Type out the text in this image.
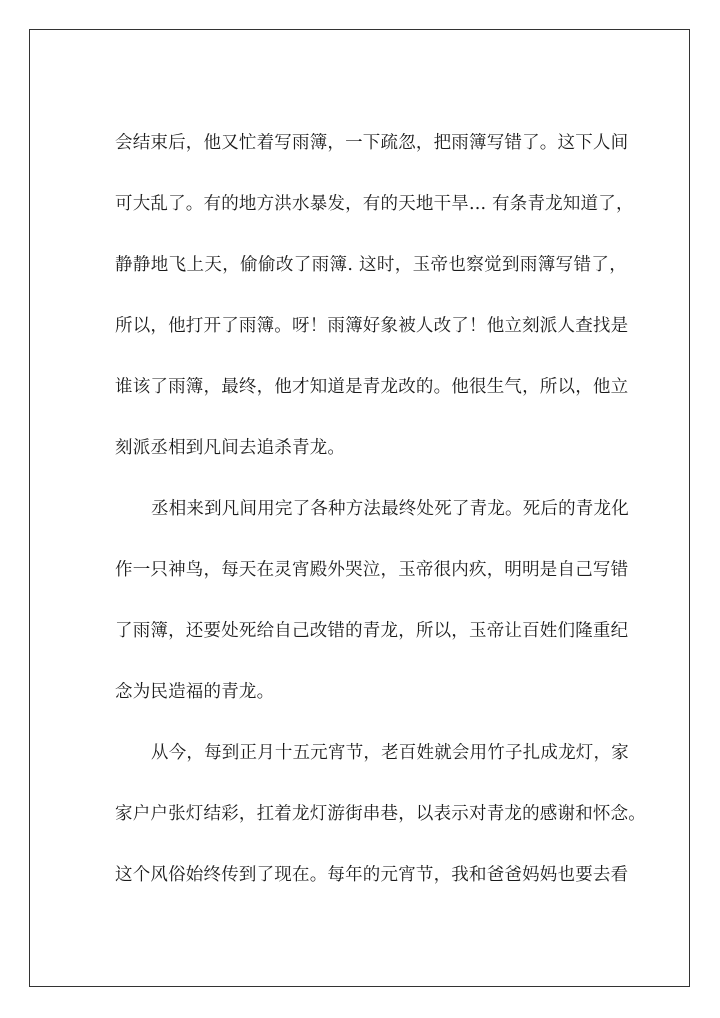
会结束后，他又忙着写雨簿，一下疏忽，把雨簿写错了。这下人间
可大乱了。有的地方洪水暴发，有的天地干旱... 有条青龙知道了，
静静地飞上天，偷偷改了雨簿. 这时，玉帝也察觉到雨簿写错了，
所以，他打开了雨簿。呀！雨簿好象被人改了！他立刻派人查找是
谁该了雨簿，最终，他才知道是青龙改的。他很生气，所以，他立
刻派丞相到凡间去追杀青龙。
丞相来到凡间用完了各种方法最终处死了青龙。死后的青龙化
作一只神鸟，每天在灵宵殿外哭泣，玉帝很内疚，明明是自己写错
了雨簿，还要处死给自己改错的青龙，所以，玉帝让百姓们隆重纪
念为民造福的青龙。
从今，每到正月十五元宵节，老百姓就会用竹子扎成龙灯，家
家户户张灯结彩，扛着龙灯游街串巷，以表示对青龙的感谢和怀念。
这个风俗始终传到了现在。每年的元宵节，我和爸爸妈妈也要去看
